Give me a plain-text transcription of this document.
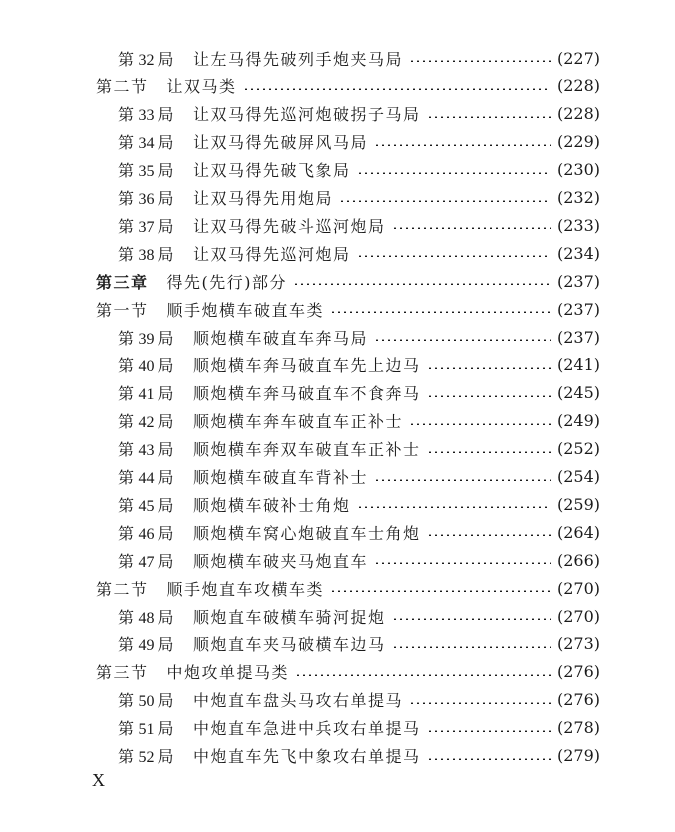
第 32 局 让左马得先破列手炮夹马局	(227)
第二节 让双马类	(228)
第 33 局 让双马得先巡河炮破拐子马局	(228)
第 34 局 让双马得先破屏风马局	(229)
第 35 局 让双马得先破飞象局	(230)
第 36 局 让双马得先用炮局	(232)
第 37 局 让双马得先破斗巡河炮局	(233)
第 38 局 让双马得先巡河炮局	(234)
第三章 得先(先行)部分	(237)
第一节 顺手炮横车破直车类	(237)
第 39 局 顺炮横车破直车奔马局	(237)
第 40 局 顺炮横车奔马破直车先上边马	(241)
第 41 局 顺炮横车奔马破直车不食奔马	(245)
第 42 局 顺炮横车奔车破直车正补士	(249)
第 43 局 顺炮横车奔双车破直车正补士	(252)
第 44 局 顺炮横车破直车背补士	(254)
第 45 局 顺炮横车破补士角炮	(259)
第 46 局 顺炮横车窝心炮破直车士角炮	(264)
第 47 局 顺炮横车破夹马炮直车	(266)
第二节 顺手炮直车攻横车类	(270)
第 48 局 顺炮直车破横车骑河捉炮	(270)
第 49 局 顺炮直车夹马破横车边马	(273)
第三节 中炮攻单提马类	(276)
第 50 局 中炮直车盘头马攻右单提马	(276)
第 51 局 中炮直车急进中兵攻右单提马	(278)
第 52 局 中炮直车先飞中象攻右单提马	(279)
X
